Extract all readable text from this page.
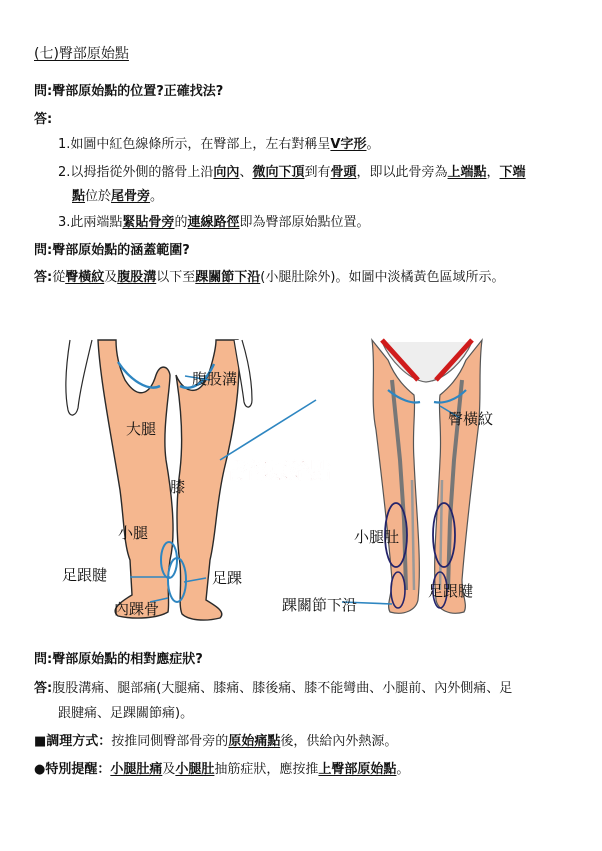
(七)臀部原始點
問:臀部原始點的位置?正確找法?
答:
1.如圖中紅色線條所示，在臀部上，左右對稱呈V字形。
2.以拇指從外側的髂骨上沿向內、微向下頂到有骨頭，即以此骨旁為上端點，下端
點位於尾骨旁。
3.此兩端點緊貼骨旁的連線路徑即為臀部原始點位置。
問:臀部原始點的涵蓋範圍?
答:從臀橫紋及腹股溝以下至踝關節下沿(小腿肚除外)。如圖中淡橘黃色區域所示。
腹股溝
大腿
膝
小腿
足跟腱	足踝
內踝骨
臀部原始點
臀橫紋
小腿肚
踝關節下沿
足跟腱
問:臀部原始點的相對應症狀?
答:腹股溝痛、腿部痛(大腿痛、膝痛、膝後痛、膝不能彎曲、小腿前、內外側痛、足
跟腱痛、足踝關節痛)。
■調理方式：按推同側臀部骨旁的原始痛點後，供給內外熱源。
●特別提醒：小腿肚痛及小腿肚抽筋症狀，應按推上臀部原始點。
